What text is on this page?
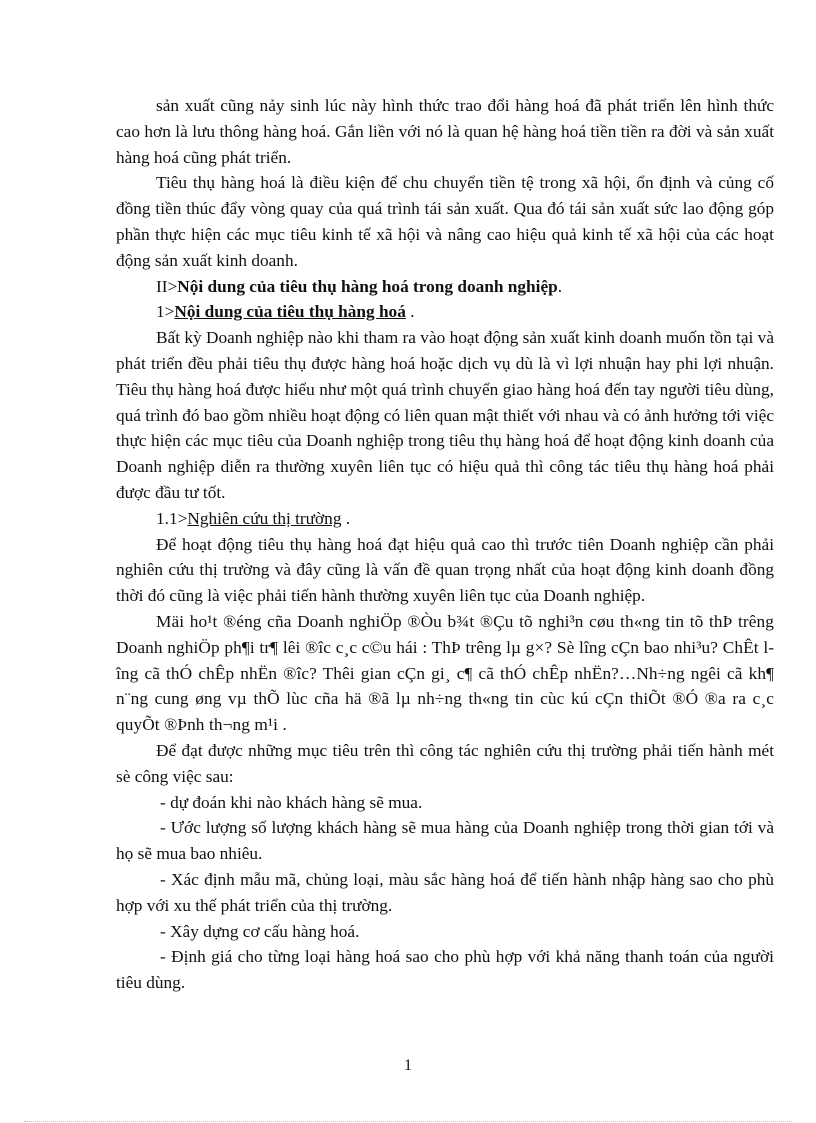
sản xuất cũng nảy sinh lúc này hình thức trao đổi hàng hoá đã phát triển lên hình thức cao hơn là lưu thông hàng hoá. Gắn liền với nó là quan hệ hàng hoá tiền tiền ra đời và sản xuất hàng hoá cũng phát triển.

Tiêu thụ hàng hoá là điều kiện để chu chuyển tiền tệ trong xã hội, ổn định và củng cố đồng tiền thúc đẩy vòng quay của quá trình tái sản xuất. Qua đó tái sản xuất sức lao động góp phần thực hiện các mục tiêu kinh tế xã hội và nâng cao hiệu quả kinh tế xã hội của các hoạt động sản xuất kinh doanh.

II>Nội dung của tiêu thụ hàng hoá trong doanh nghiệp.

1>Nội dung của tiêu thụ hàng hoá .

Bất kỳ Doanh nghiệp nào khi tham ra vào hoạt động sản xuất kinh doanh muốn tồn tại và phát triển đều phải tiêu thụ được hàng hoá hoặc dịch vụ dù là vì lợi nhuận hay phi lợi nhuận. Tiêu thụ hàng hoá được hiểu như một quá trình chuyển giao hàng hoá đến tay người tiêu dùng, quá trình đó bao gồm nhiều hoạt động có liên quan mật thiết với nhau và có ảnh hưởng tới việc thực hiện các mục tiêu của Doanh nghiệp trong tiêu thụ hàng hoá để hoạt động kinh doanh của Doanh nghiệp diễn ra thường xuyên liên tục có hiệu quả thì công tác tiêu thụ hàng hoá phải được đầu tư tốt.

1.1>Nghiên cứu thị trường .

Để hoạt động tiêu thụ hàng hoá đạt hiệu quả cao thì trước tiên Doanh nghiệp cần phải nghiên cứu thị trường và đây cũng là vấn đề quan trọng nhất của hoạt động kinh doanh đồng thời đó cũng là việc phải tiến hành thường xuyên liên tục của Doanh nghiệp.

Mäi ho¹t ®éng cña Doanh nghiÖp ®Òu b¾t ®Çu tõ nghi³n cøu th«ng tin tõ thÞ trêng Doanh nghiÖp ph¶i tr¶ lêi ®îc c¸c c©u hái : ThÞ trêng lµ g×? Sè lîng cÇn bao nhi³u? ChÊt lîng cã thÓ chÊp nhËn ®îc? Thêi gian cÇn gi¸ c¶ cã thÓ chÊp nhËn?…Nh÷ng ngêi cã kh¶ n¨ng cung øng vµ thÕ lùc cña hä ®ã lµ nh÷ng th«ng tin cùc kú cÇn thiÕt ®Ó ®a ra c¸c quyÕt ®Þnh th¬ng m¹i .

Để đạt được những mục tiêu trên thì công tác nghiên cứu thị trường phải tiến hành mét sè công việc sau:

- dự đoán khi nào khách hàng sẽ mua.

- Ước lượng số lượng khách hàng sẽ mua hàng của Doanh nghiệp trong thời gian tới và họ sẽ mua bao nhiêu.

- Xác định mẫu mã, chủng loại, màu sắc hàng hoá để tiến hành nhập hàng sao cho phù hợp với xu thế phát triển của thị trường.

- Xây dựng cơ cấu hàng hoá.

- Định giá cho từng loại hàng hoá sao cho phù hợp với khả năng thanh toán của người tiêu dùng.

1
